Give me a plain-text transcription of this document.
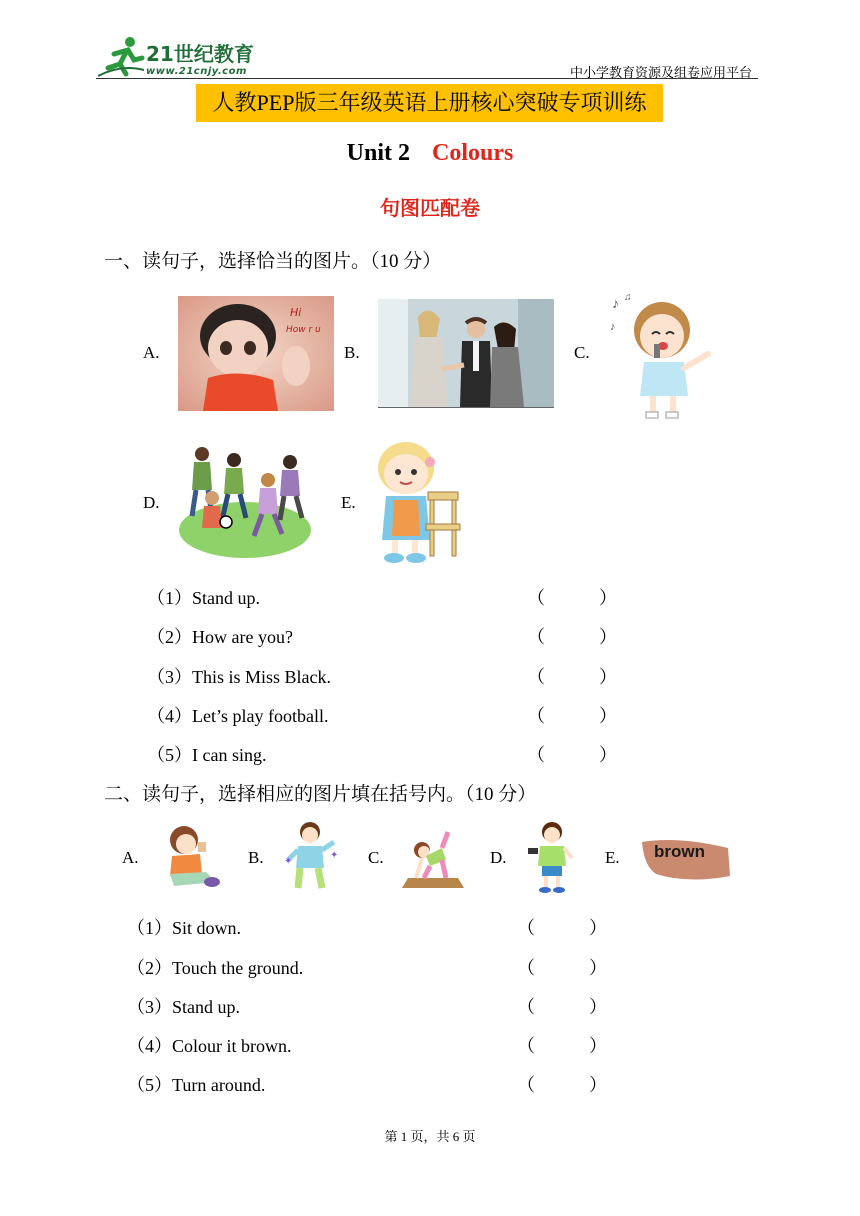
21世纪教育
www.21cnjy.com	中小学教育资源及组卷应用平台
人教PEP版三年级英语上册核心突破专项训练
Unit 2 Colours
句图匹配卷
一、读句子，选择恰当的图片。（10 分）
A.
Hi
How r u
B.	C.
♪ ♫
♪
D.	E.
（1）Stand up.	（　　　）
（2）How are you?	（　　　）
（3）This is Miss Black.	（　　　）
（4）Let’s play football.	（　　　）
（5）I can sing.	（　　　）
二、读句子，选择相应的图片填在括号内。（10 分）
A.	B. ✦
✦ C.	D.	E. brown
（1）Sit down.	（　　　）
（2）Touch the ground.	（　　　）
（3）Stand up.	（　　　）
（4）Colour it brown.	（　　　）
（5）Turn around.	（　　　）
第 1 页，共 6 页
